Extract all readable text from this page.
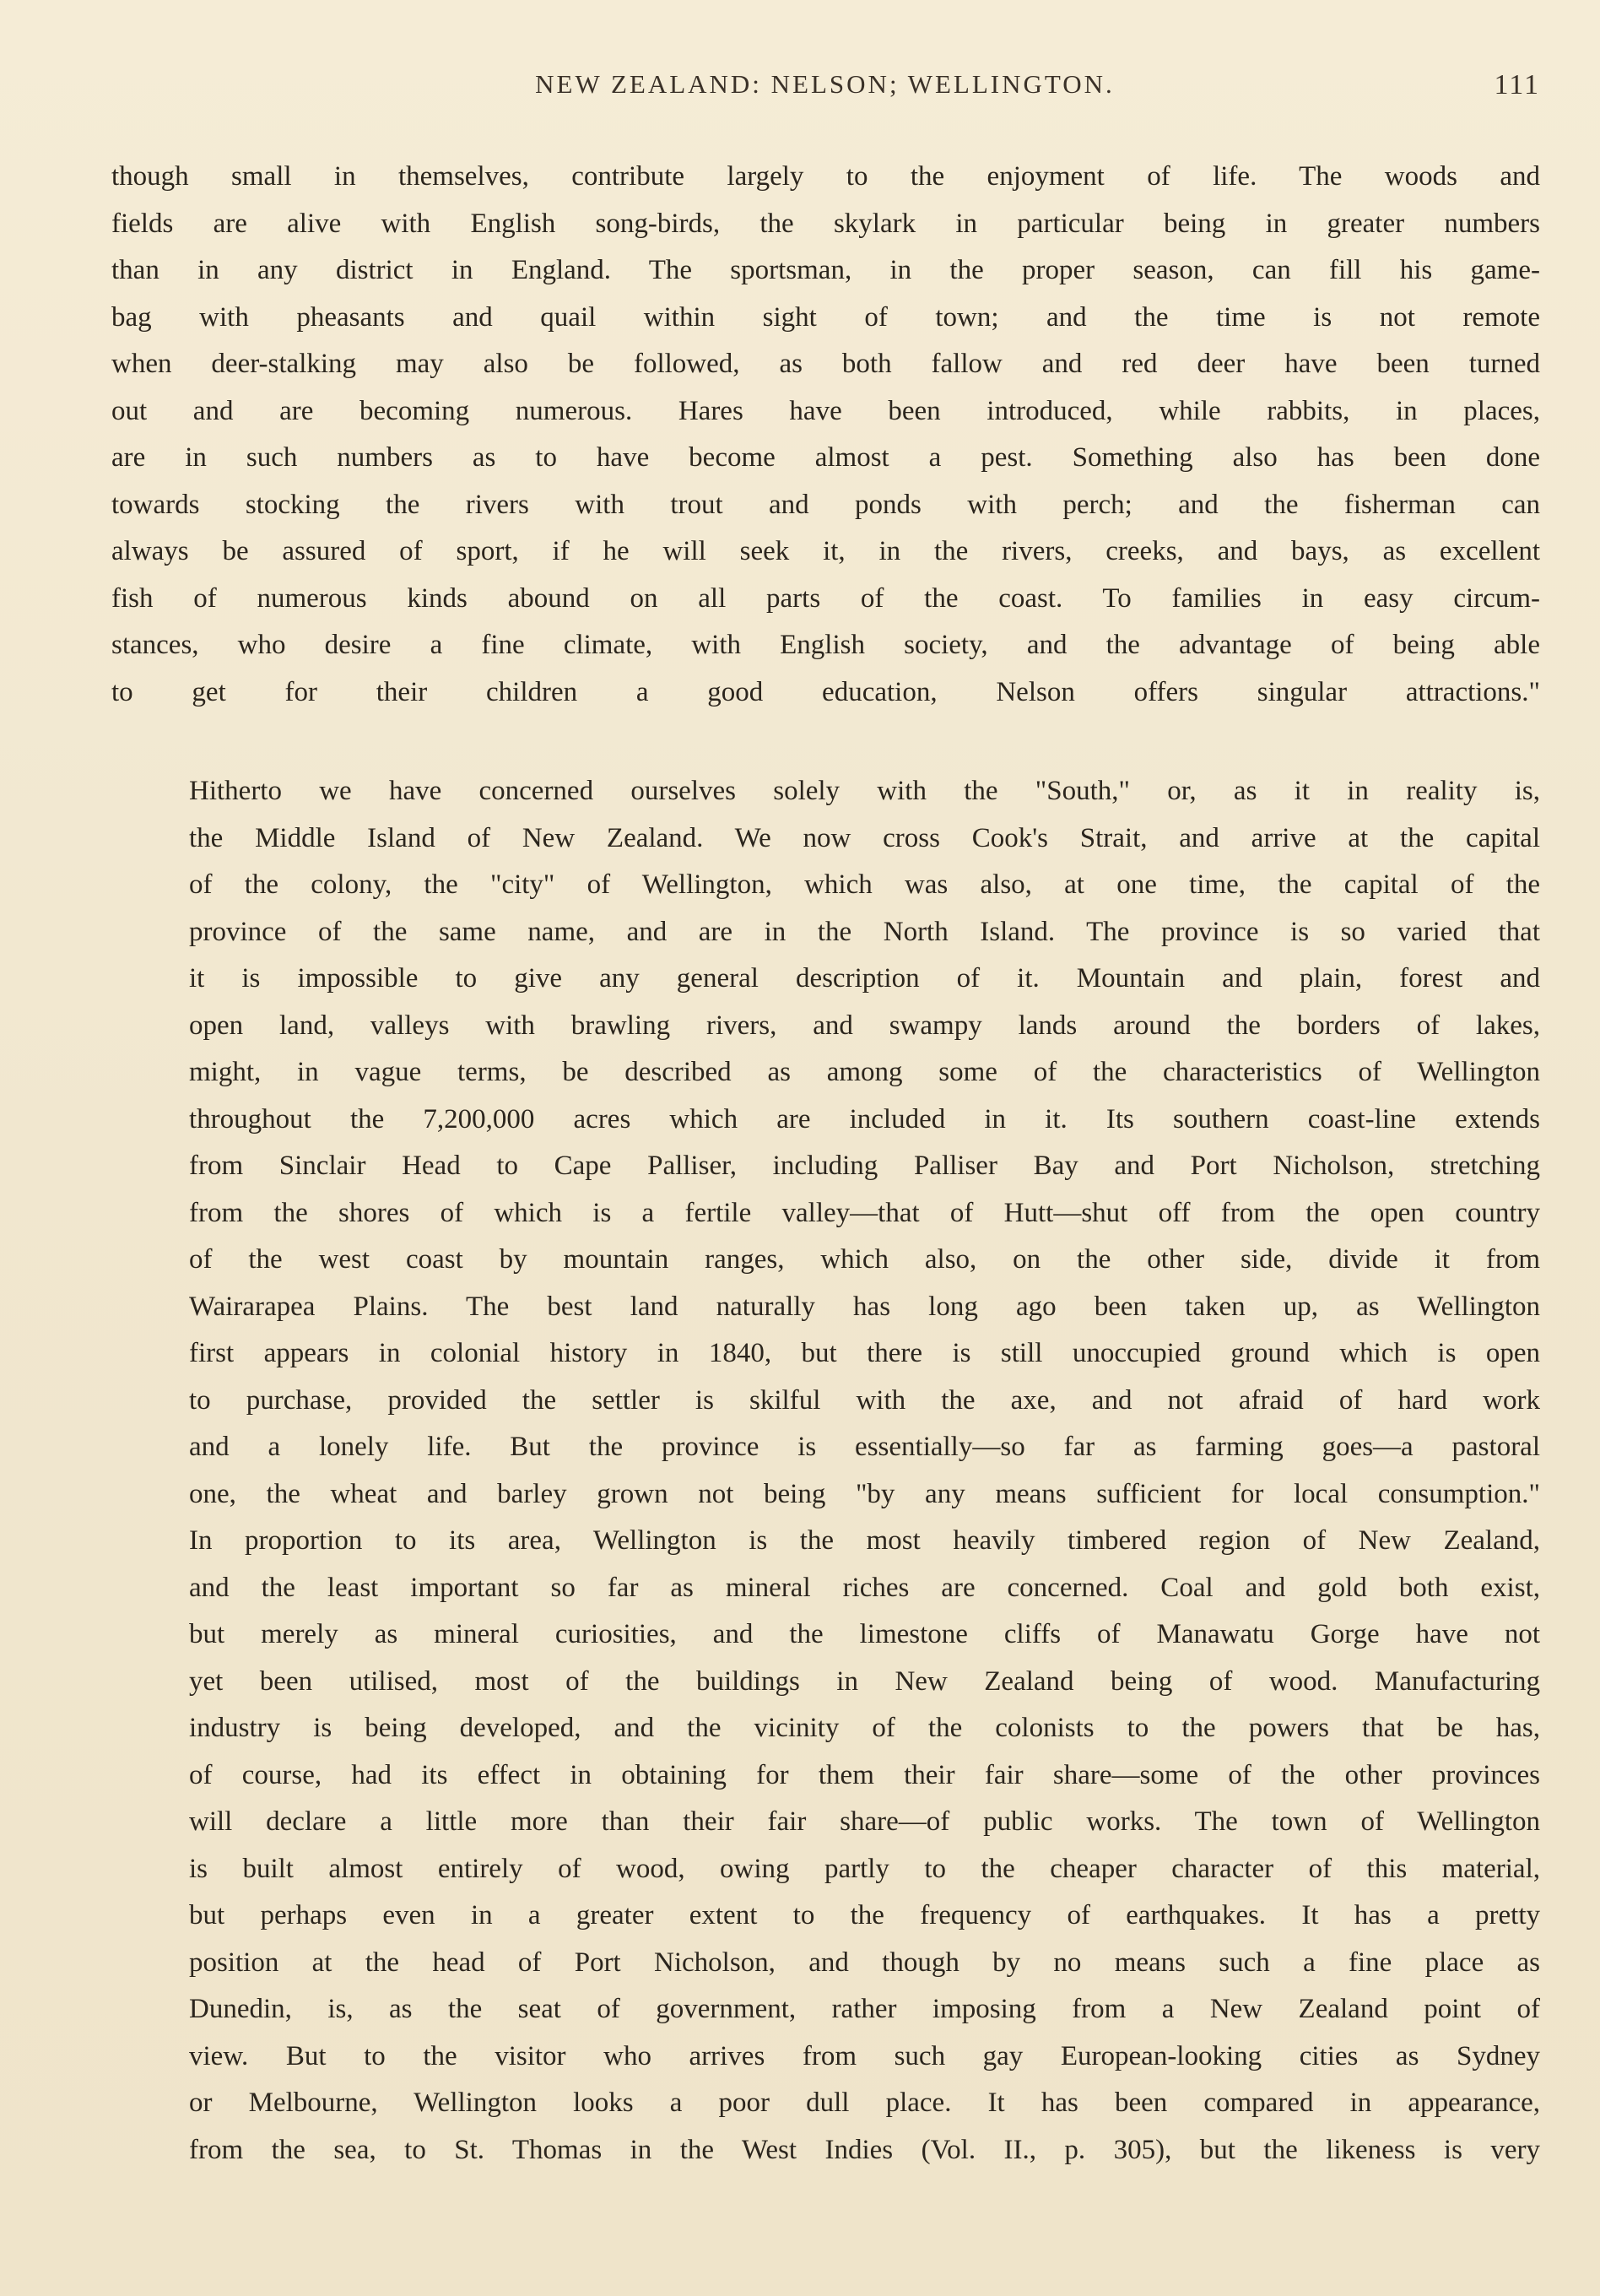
NEW ZEALAND: NELSON; WELLINGTON.	111

though small in themselves, contribute largely to the enjoyment of life. The woods and
fields are alive with English song-birds, the skylark in particular being in greater numbers
than in any district in England. The sportsman, in the proper season, can fill his game-
bag with pheasants and quail within sight of town; and the time is not remote
when deer-stalking may also be followed, as both fallow and red deer have been turned
out and are becoming numerous. Hares have been introduced, while rabbits, in places,
are in such numbers as to have become almost a pest. Something also has been done
towards stocking the rivers with trout and ponds with perch; and the fisherman can
always be assured of sport, if he will seek it, in the rivers, creeks, and bays, as excellent
fish of numerous kinds abound on all parts of the coast. To families in easy circum-
stances, who desire a fine climate, with English society, and the advantage of being able
to get for their children a good education, Nelson offers singular attractions."

Hitherto we have concerned ourselves solely with the "South," or, as it in reality is,
the Middle Island of New Zealand. We now cross Cook's Strait, and arrive at the capital
of the colony, the "city" of Wellington, which was also, at one time, the capital of the
province of the same name, and are in the North Island. The province is so varied that
it is impossible to give any general description of it. Mountain and plain, forest and
open land, valleys with brawling rivers, and swampy lands around the borders of lakes,
might, in vague terms, be described as among some of the characteristics of Wellington
throughout the 7,200,000 acres which are included in it. Its southern coast-line extends
from Sinclair Head to Cape Palliser, including Palliser Bay and Port Nicholson, stretching
from the shores of which is a fertile valley—that of Hutt—shut off from the open country
of the west coast by mountain ranges, which also, on the other side, divide it from
Wairarapea Plains. The best land naturally has long ago been taken up, as Wellington
first appears in colonial history in 1840, but there is still unoccupied ground which is open
to purchase, provided the settler is skilful with the axe, and not afraid of hard work
and a lonely life. But the province is essentially—so far as farming goes—a pastoral
one, the wheat and barley grown not being "by any means sufficient for local consumption."
In proportion to its area, Wellington is the most heavily timbered region of New Zealand,
and the least important so far as mineral riches are concerned. Coal and gold both exist,
but merely as mineral curiosities, and the limestone cliffs of Manawatu Gorge have not
yet been utilised, most of the buildings in New Zealand being of wood. Manufacturing
industry is being developed, and the vicinity of the colonists to the powers that be has,
of course, had its effect in obtaining for them their fair share—some of the other provinces
will declare a little more than their fair share—of public works. The town of Wellington
is built almost entirely of wood, owing partly to the cheaper character of this material,
but perhaps even in a greater extent to the frequency of earthquakes. It has a pretty
position at the head of Port Nicholson, and though by no means such a fine place as
Dunedin, is, as the seat of government, rather imposing from a New Zealand point of
view. But to the visitor who arrives from such gay European-looking cities as Sydney
or Melbourne, Wellington looks a poor dull place. It has been compared in appearance,
from the sea, to St. Thomas in the West Indies (Vol. II., p. 305), but the likeness is very
